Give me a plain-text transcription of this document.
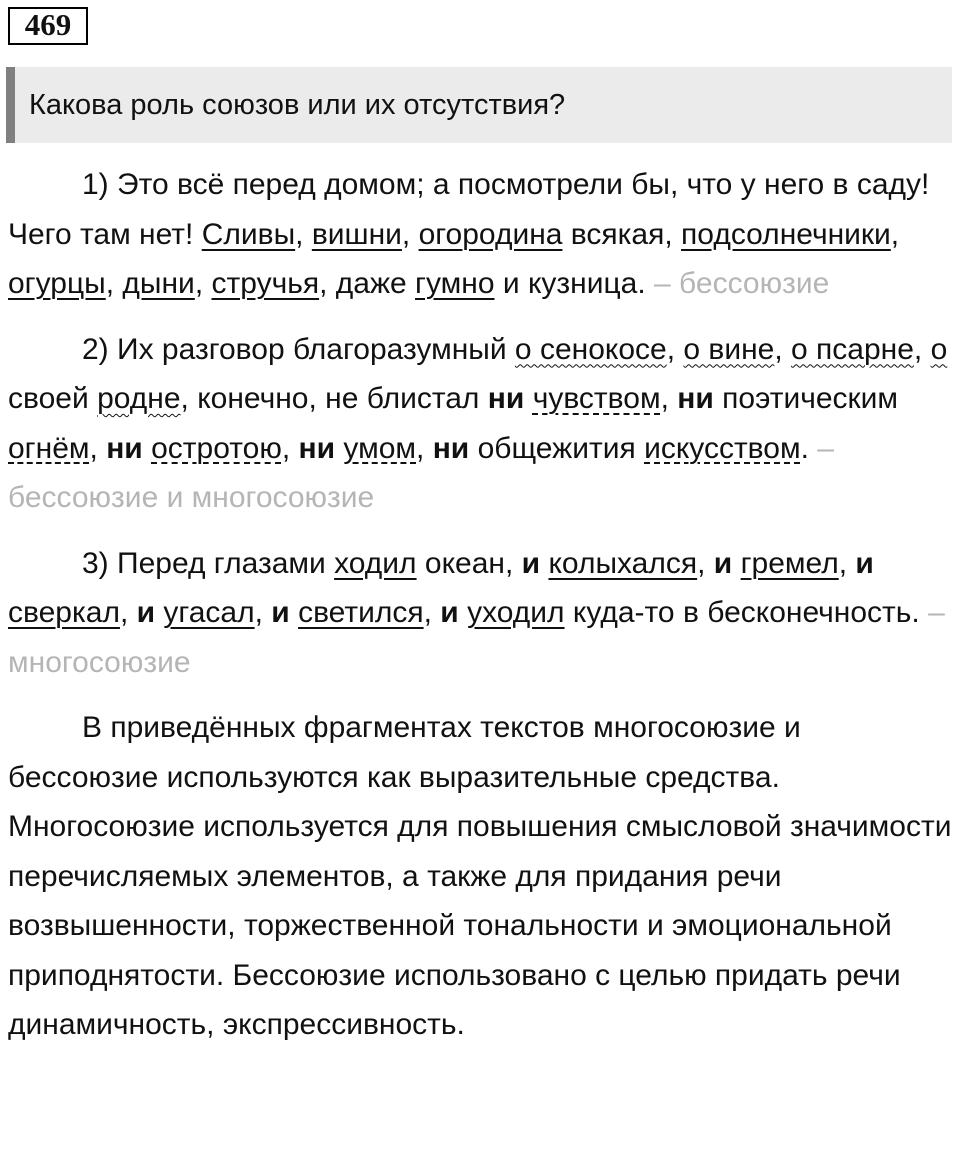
469
Какова роль союзов или их отсутствия?

1) Это всё перед домом; а посмотрели бы, что у него в саду! Чего там нет! Сливы, вишни, огородина всякая, подсолнечники, огурцы, дыни, стручья, даже гумно и кузница. – бессоюзие

2) Их разговор благоразумный о сенокосе, о вине, о псарне, о своей родне, конечно, не блистал ни чувством, ни поэтическим огнём, ни остротою, ни умом, ни общежития искусством. – бессоюзие и многосоюзие

3) Перед глазами ходил океан, и колыхался, и гремел, и сверкал, и угасал, и светился, и уходил куда-то в бесконечность. – многосоюзие

В приведённых фрагментах текстов многосоюзие и бессоюзие используются как выразительные средства. Многосоюзие используется для повышения смысловой значимости перечисляемых элементов, а также для придания речи возвышенности, торжественной тональности и эмоциональной приподнятости. Бессоюзие использовано с целью придать речи динамичность, экспрессивность.
